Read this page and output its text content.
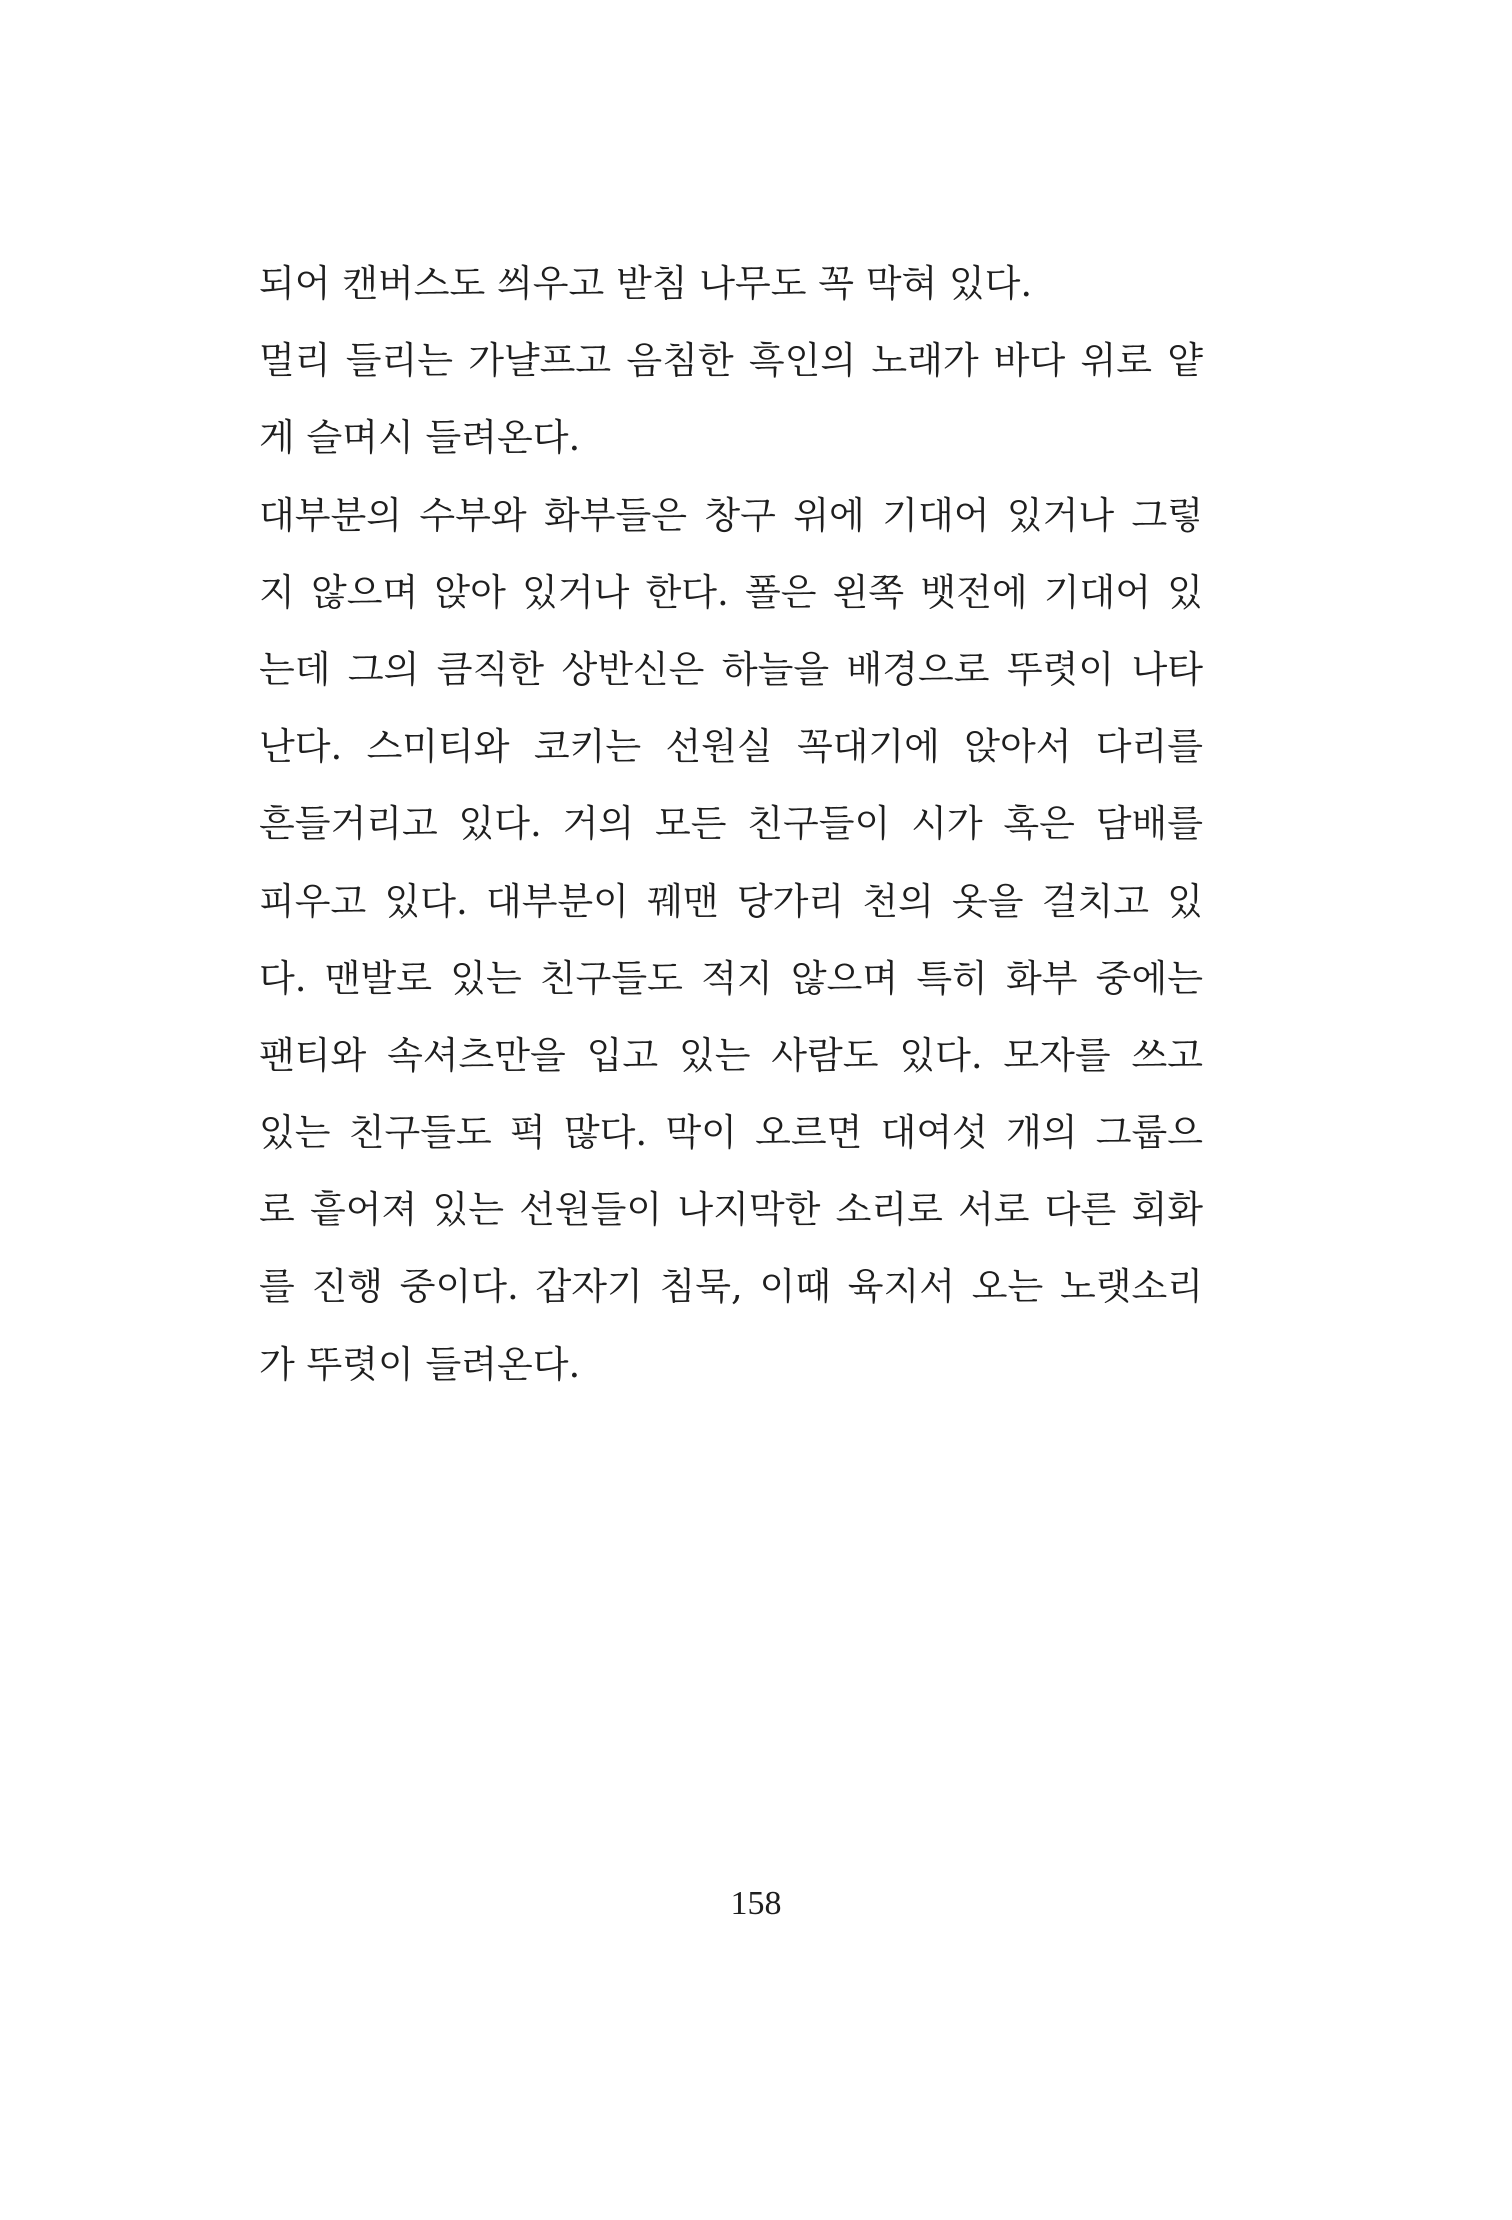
되어 캔버스도 씌우고 받침 나무도 꼭 막혀 있다.
멀리 들리는 가냘프고 음침한 흑인의 노래가 바다 위로 얕
게 슬며시 들려온다.
대부분의 수부와 화부들은 창구 위에 기대어 있거나 그렇
지 않으며 앉아 있거나 한다. 폴은 왼쪽 뱃전에 기대어 있
는데 그의 큼직한 상반신은 하늘을 배경으로 뚜렷이 나타
난다. 스미티와 코키는 선원실 꼭대기에 앉아서 다리를
흔들거리고 있다. 거의 모든 친구들이 시가 혹은 담배를
피우고 있다. 대부분이 꿰맨 당가리 천의 옷을 걸치고 있
다. 맨발로 있는 친구들도 적지 않으며 특히 화부 중에는
팬티와 속셔츠만을 입고 있는 사람도 있다. 모자를 쓰고
있는 친구들도 퍽 많다. 막이 오르면 대여섯 개의 그룹으
로 흩어져 있는 선원들이 나지막한 소리로 서로 다른 회화
를 진행 중이다. 갑자기 침묵, 이때 육지서 오는 노랫소리
가 뚜렷이 들려온다.
158
